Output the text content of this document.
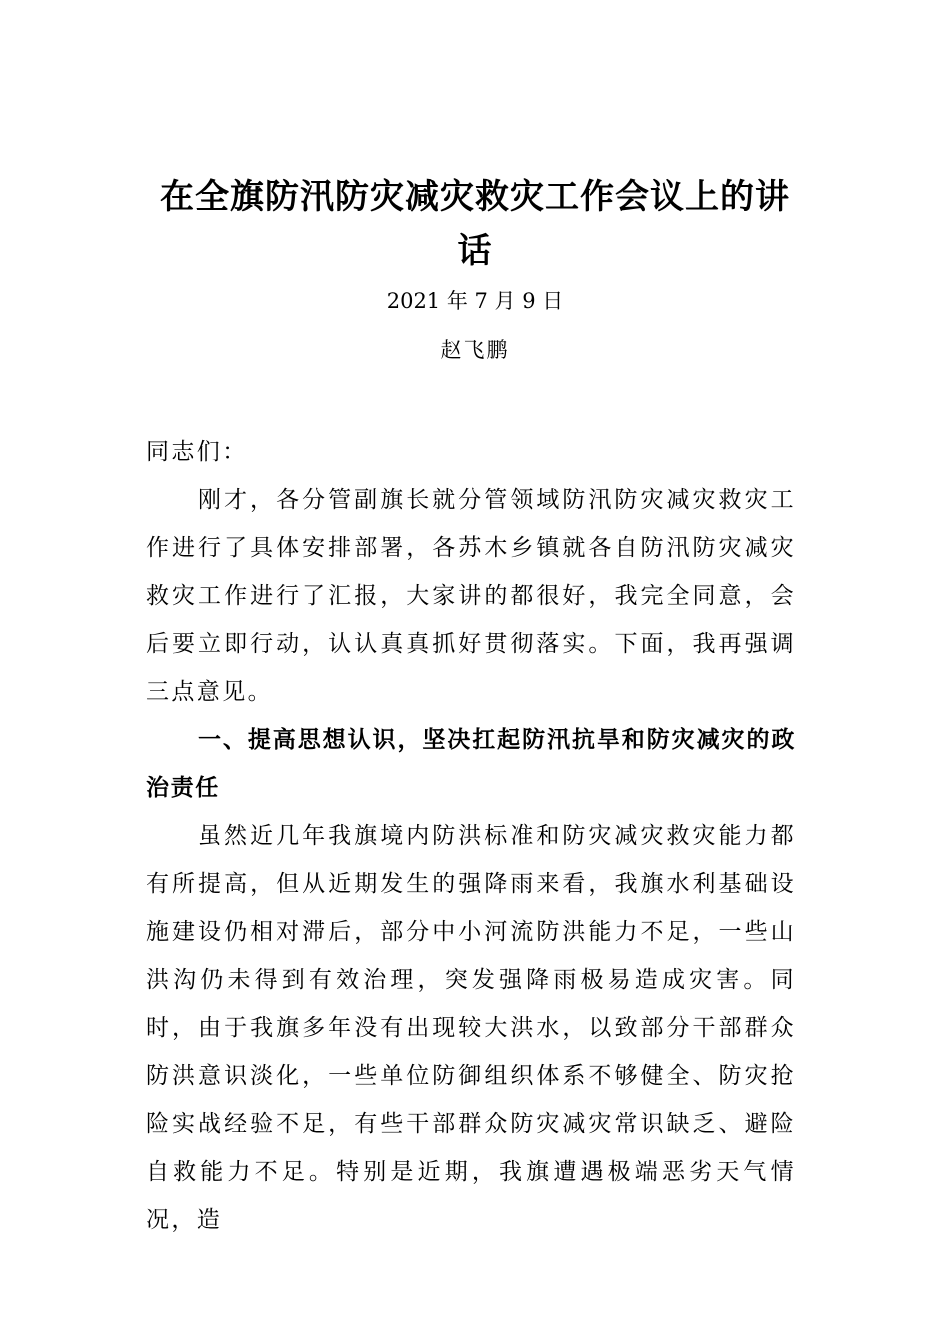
在全旗防汛防灾减灾救灾工作会议上的讲话

2021 年 7 月 9 日

赵飞鹏

同志们：

刚才，各分管副旗长就分管领域防汛防灾减灾救灾工作进行了具体安排部署，各苏木乡镇就各自防汛防灾减灾救灾工作进行了汇报，大家讲的都很好，我完全同意，会后要立即行动，认认真真抓好贯彻落实。下面，我再强调三点意见。

一、提高思想认识，坚决扛起防汛抗旱和防灾减灾的政治责任

虽然近几年我旗境内防洪标准和防灾减灾救灾能力都有所提高，但从近期发生的强降雨来看，我旗水利基础设施建设仍相对滞后，部分中小河流防洪能力不足，一些山洪沟仍未得到有效治理，突发强降雨极易造成灾害。同时，由于我旗多年没有出现较大洪水，以致部分干部群众防洪意识淡化，一些单位防御组织体系不够健全、防灾抢险实战经验不足，有些干部群众防灾减灾常识缺乏、避险自救能力不足。特别是近期，我旗遭遇极端恶劣天气情况，造
